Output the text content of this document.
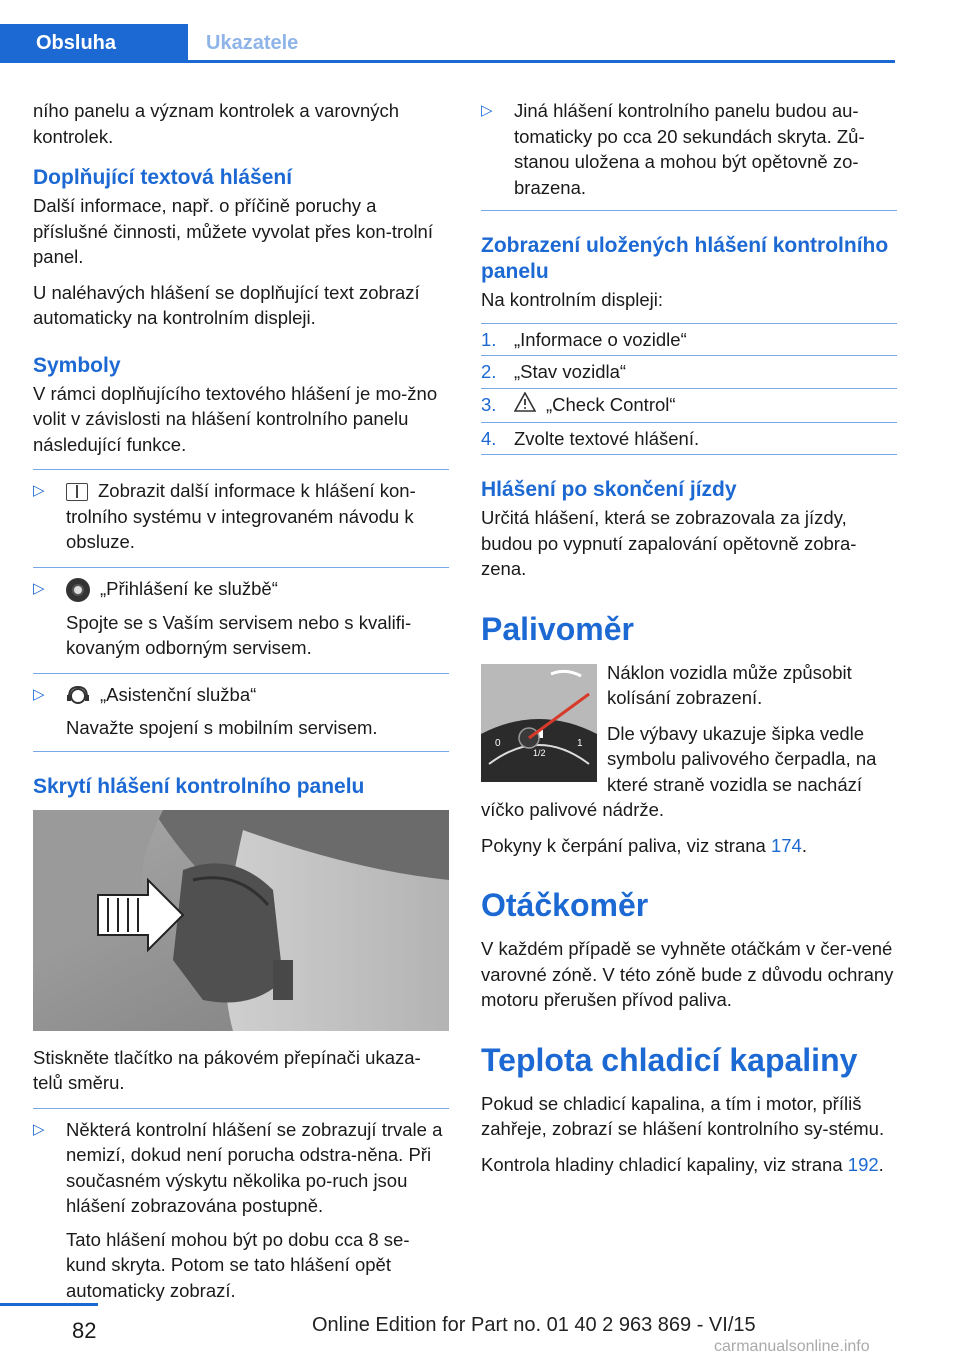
Obsluha	Ukazatele

ního panelu a význam kontrolek a varovných kontrolek.

Doplňující textová hlášení

Další informace, např. o příčině poruchy a příslušné činnosti, můžete vyvolat přes kon‐trolní panel.

U naléhavých hlášení se doplňující text zobrazí automaticky na kontrolním displeji.

Symboly

V rámci doplňujícího textového hlášení je mo‐žno volit v závislosti na hlášení kontrolního panelu následující funkce.

▷ Zobrazit další informace k hlášení kon‐trolního systému v integrovaném návodu k obsluze.

▷ „Přihlášení ke službě“

Spojte se s Vaším servisem nebo s kvalifi‐kovaným odborným servisem.

▷ „Asistenční služba“

Navažte spojení s mobilním servisem.

Skrytí hlášení kontrolního panelu

Stiskněte tlačítko na pákovém přepínači ukaza‐telů směru.

▷ Některá kontrolní hlášení se zobrazují trvale a nemizí, dokud není porucha odstra‐něna. Při současném výskytu několika po‐ruch jsou hlášení zobrazována postupně.

Tato hlášení mohou být po dobu cca 8 se‐kund skryta. Potom se tato hlášení opět automaticky zobrazí.

▷ Jiná hlášení kontrolního panelu budou au‐tomaticky po cca 20 sekundách skryta. Zů‐stanou uložena a mohou být opětovně zo‐brazena.

Zobrazení uložených hlášení kontrolního panelu

Na kontrolním displeji:

1. „Informace o vozidle“
2. „Stav vozidla“
3.	„Check Control“
4. Zvolte textové hlášení.
Hlášení po skončení jízdy

Určitá hlášení, která se zobrazovala za jízdy, budou po vypnutí zapalování opětovně zobra‐zena.

Palivoměr
0
1/2
1

Náklon vozidla může způsobit kolísání zobrazení.

Dle výbavy ukazuje šipka vedle symbolu palivového čerpadla, na které straně vozidla se nachází víčko palivové nádrže.

Pokyny k čerpání paliva, viz strana 174.

Otáčkoměr

V každém případě se vyhněte otáčkám v čer‐vené varovné zóně. V této zóně bude z důvodu ochrany motoru přerušen přívod paliva.

Teplota chladicí kapaliny

Pokud se chladicí kapalina, a tím i motor, příliš zahřeje, zobrazí se hlášení kontrolního sy‐stému.

Kontrola hladiny chladicí kapaliny, viz strana 192.

82	Online Edition for Part no. 01 40 2 963 869 - VI/15
carmanualsonline.info
